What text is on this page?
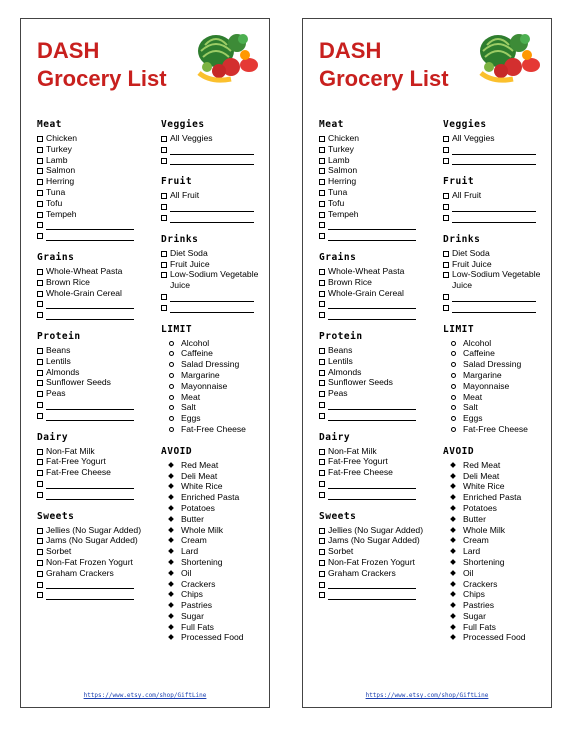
DASH
Grocery List
Meat
Chicken
Turkey
Lamb
Salmon
Herring
Tuna
Tofu
Tempeh
Grains
Whole-Wheat Pasta
Brown Rice
Whole-Grain Cereal
Protein
Beans
Lentils
Almonds
Sunflower Seeds
Peas
Dairy
Non-Fat Milk
Fat-Free Yogurt
Fat-Free Cheese
Sweets
Jellies (No Sugar Added)
Jams (No Sugar Added)
Sorbet
Non-Fat Frozen Yogurt
Graham Crackers
Veggies
All Veggies
Fruit
All Fruit
Drinks
Diet Soda
Fruit Juice
Low-Sodium Vegetable Juice
LIMIT
Alcohol
Caffeine
Salad Dressing
Margarine
Mayonnaise
Meat
Salt
Eggs
Fat-Free Cheese
AVOID
Red Meat
Deli Meat
White Rice
Enriched Pasta
Potatoes
Butter
Whole Milk
Cream
Lard
Shortening
Oil
Crackers
Chips
Pastries
Sugar
Full Fats
Processed Food
https://www.etsy.com/shop/GiftLine
DASH
Grocery List
Meat
Chicken
Turkey
Lamb
Salmon
Herring
Tuna
Tofu
Tempeh
Grains
Whole-Wheat Pasta
Brown Rice
Whole-Grain Cereal
Protein
Beans
Lentils
Almonds
Sunflower Seeds
Peas
Dairy
Non-Fat Milk
Fat-Free Yogurt
Fat-Free Cheese
Sweets
Jellies (No Sugar Added)
Jams (No Sugar Added)
Sorbet
Non-Fat Frozen Yogurt
Graham Crackers
Veggies
All Veggies
Fruit
All Fruit
Drinks
Diet Soda
Fruit Juice
Low-Sodium Vegetable Juice
LIMIT
Alcohol
Caffeine
Salad Dressing
Margarine
Mayonnaise
Meat
Salt
Eggs
Fat-Free Cheese
AVOID
Red Meat
Deli Meat
White Rice
Enriched Pasta
Potatoes
Butter
Whole Milk
Cream
Lard
Shortening
Oil
Crackers
Chips
Pastries
Sugar
Full Fats
Processed Food
https://www.etsy.com/shop/GiftLine
